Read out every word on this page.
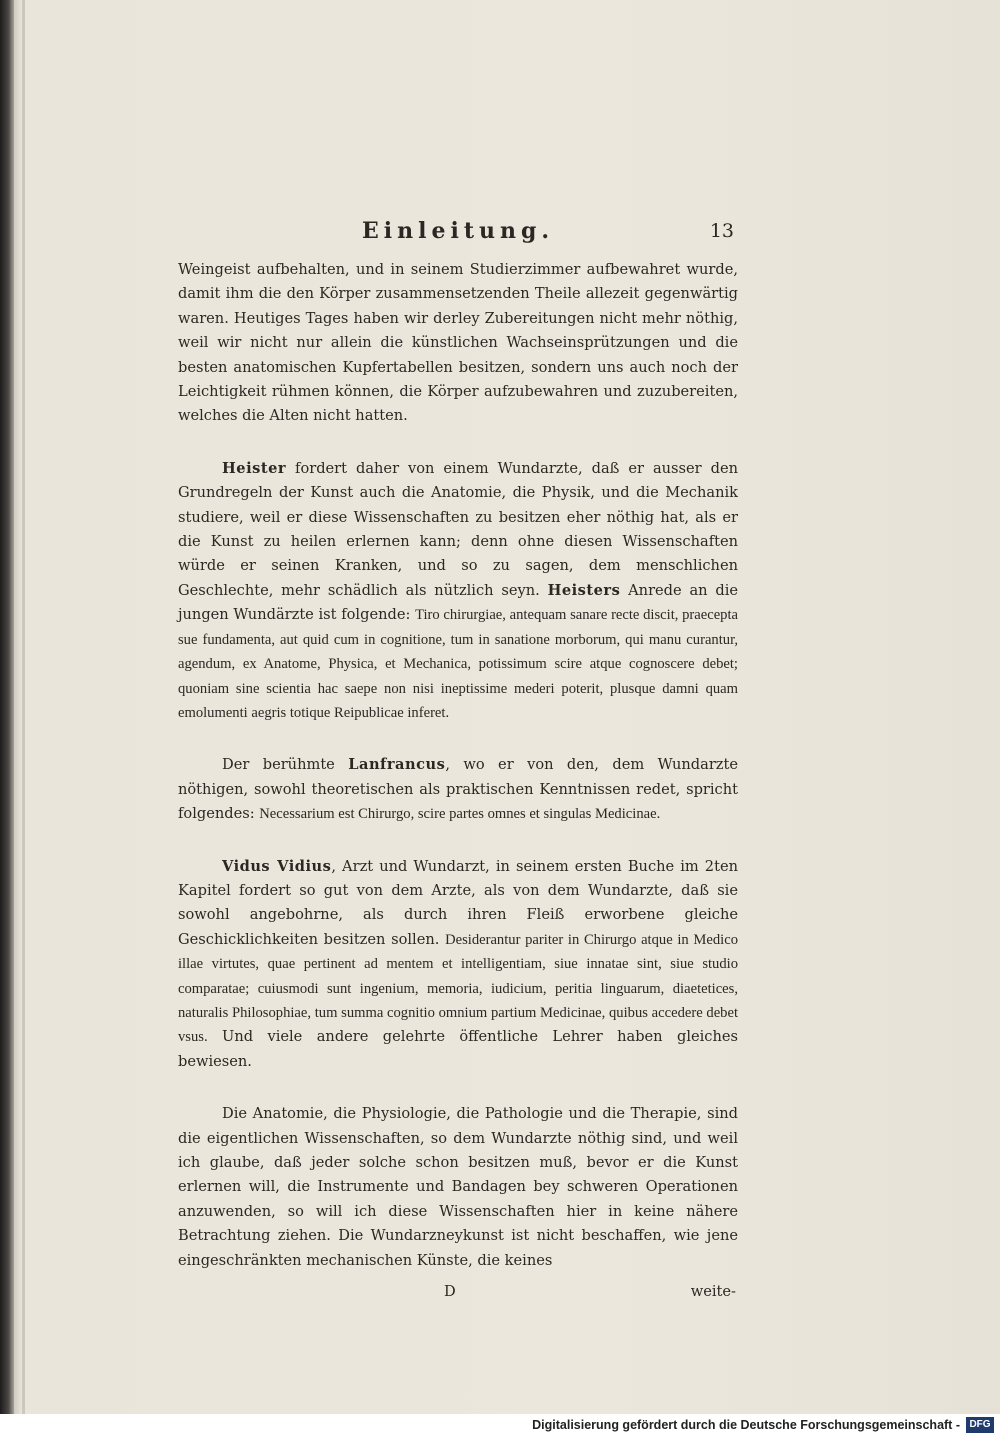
Einleitung.	13

Weingeist aufbehalten, und in seinem Studierzimmer aufbewahret wurde, damit ihm die den Körper zusammensetzenden Theile allezeit gegenwärtig waren. Heutiges Tages haben wir derley Zubereitungen nicht mehr nöthig, weil wir nicht nur allein die künstlichen Wachseinsprützungen und die besten anatomischen Kupfertabellen besitzen, sondern uns auch noch der Leichtigkeit rühmen können, die Körper aufzubewahren und zuzubereiten, welches die Alten nicht hatten.

Heister fordert daher von einem Wundarzte, daß er ausser den Grundregeln der Kunst auch die Anatomie, die Physik, und die Mechanik studiere, weil er diese Wissenschaften zu besitzen eher nöthig hat, als er die Kunst zu heilen erlernen kann; denn ohne diesen Wissenschaften würde er seinen Kranken, und so zu sagen, dem menschlichen Geschlechte, mehr schädlich als nützlich seyn. Heisters Anrede an die jungen Wundärzte ist folgende: Tiro chirurgiae, antequam sanare recte discit, praecepta sue fundamenta, aut quid cum in cognitione, tum in sanatione morborum, qui manu curantur, agendum, ex Anatome, Physica, et Mechanica, potissimum scire atque cognoscere debet; quoniam sine scientia hac saepe non nisi ineptissime mederi poterit, plusque damni quam emolumenti aegris totique Reipublicae inferet.

Der berühmte Lanfrancus, wo er von den, dem Wundarzte nöthigen, sowohl theoretischen als praktischen Kenntnissen redet, spricht folgendes: Necessarium est Chirurgo, scire partes omnes et singulas Medicinae.

Vidus Vidius, Arzt und Wundarzt, in seinem ersten Buche im 2ten Kapitel fordert so gut von dem Arzte, als von dem Wundarzte, daß sie sowohl angebohrne, als durch ihren Fleiß erworbene gleiche Geschicklichkeiten besitzen sollen. Desiderantur pariter in Chirurgo atque in Medico illae virtutes, quae pertinent ad mentem et intelligentiam, siue innatae sint, siue studio comparatae; cuiusmodi sunt ingenium, memoria, iudicium, peritia linguarum, diaetetices, naturalis Philosophiae, tum summa cognitio omnium partium Medicinae, quibus accedere debet vsus. Und viele andere gelehrte öffentliche Lehrer haben gleiches bewiesen.

Die Anatomie, die Physiologie, die Pathologie und die Therapie, sind die eigentlichen Wissenschaften, so dem Wundarzte nöthig sind, und weil ich glaube, daß jeder solche schon besitzen muß, bevor er die Kunst erlernen will, die Instrumente und Bandagen bey schweren Operationen anzuwenden, so will ich diese Wissenschaften hier in keine nähere Betrachtung ziehen. Die Wundarzneykunst ist nicht beschaffen, wie jene eingeschränkten mechanischen Künste, die keines

D	weite-
Digitalisierung gefördert durch die Deutsche Forschungsgemeinschaft - DFG
